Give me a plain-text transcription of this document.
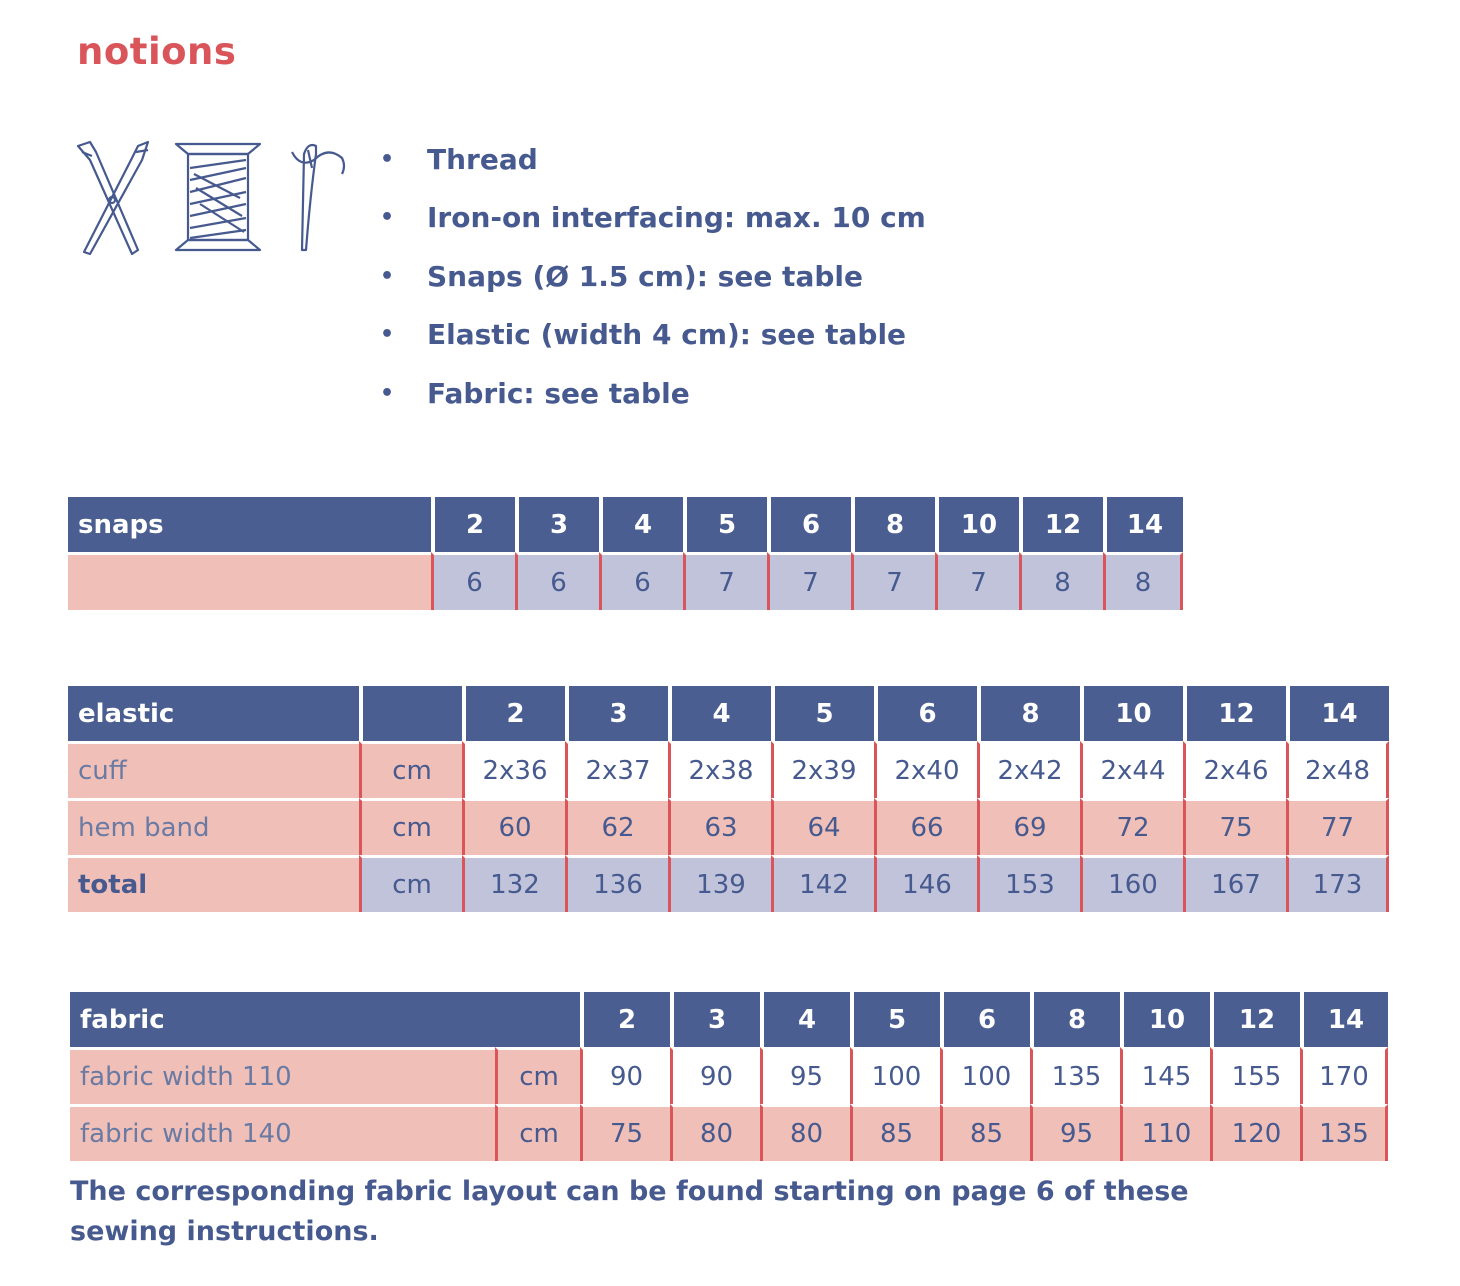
notions
•	Thread
•	Iron-on interfacing: max. 10 cm
•	Snaps (Ø 1.5 cm): see table
•	Elastic (width 4 cm): see table
•	Fabric: see table
snaps	2	3	4	5	6	8	10	12	14
	6	6	6	7	7	7	7	8	8
elastic		2	3	4	5	6	8	10	12	14
cuff	cm	2x36	2x37	2x38	2x39	2x40	2x42	2x44	2x46	2x48
hem band	cm	60	62	63	64	66	69	72	75	77
total	cm	132	136	139	142	146	153	160	167	173
fabric		2	3	4	5	6	8	10	12	14
fabric width 110	cm	90	90	95	100	100	135	145	155	170
fabric width 140	cm	75	80	80	85	85	95	110	120	135
The corresponding fabric layout can be found starting on page 6 of these sewing instructions.
